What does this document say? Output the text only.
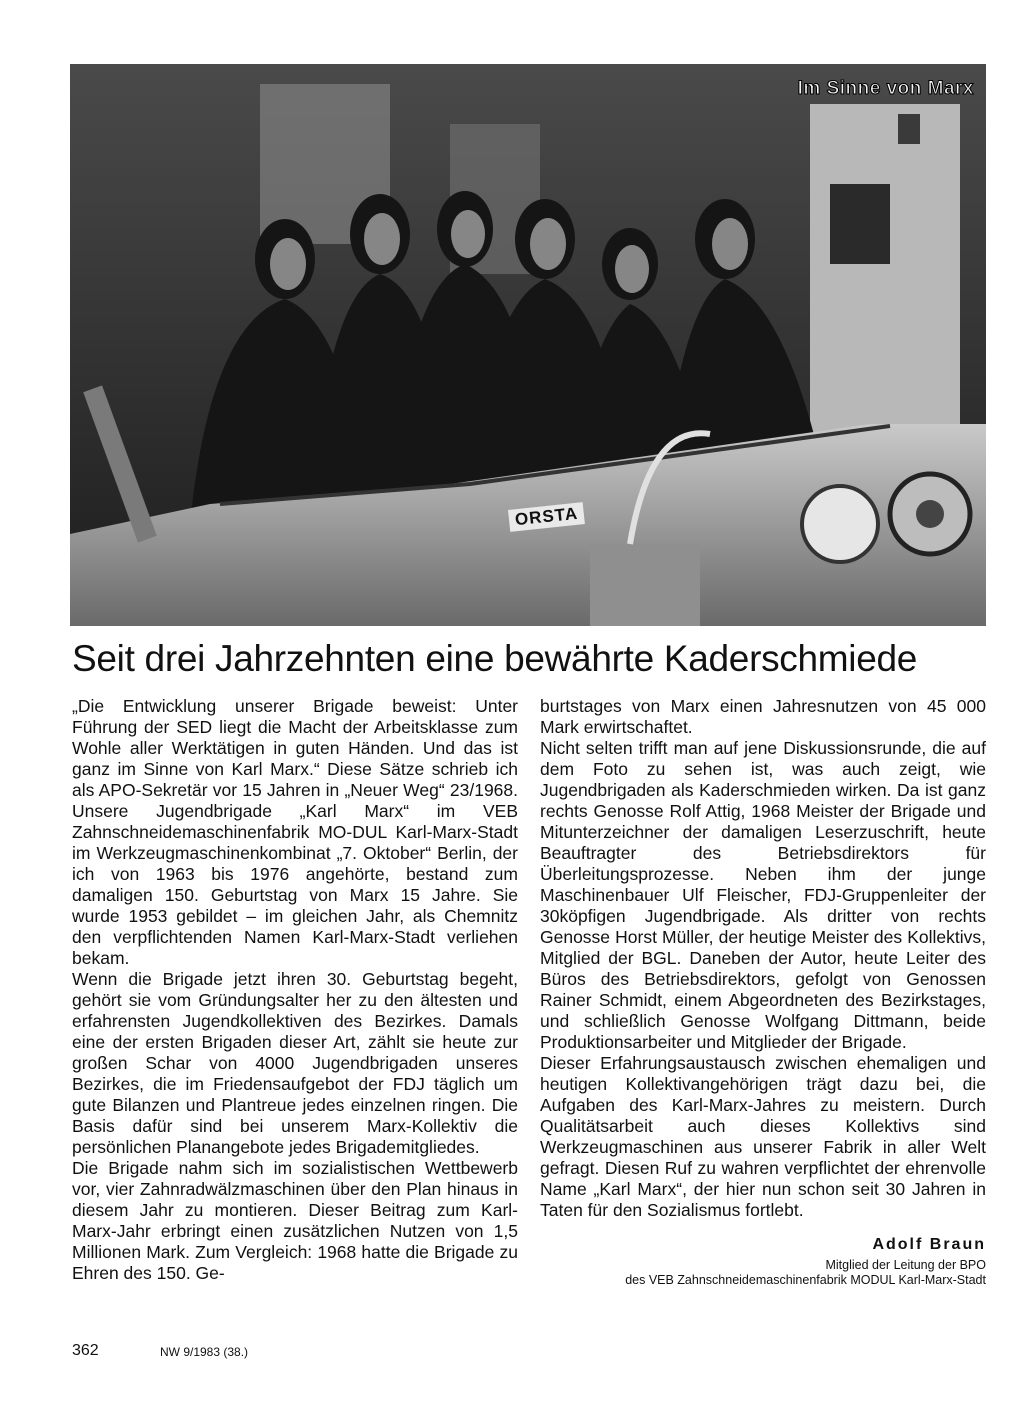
Im Sinne von Marx
ORSTA
Seit drei Jahrzehnten eine bewährte Kaderschmiede

„Die Entwicklung unserer Brigade beweist: Unter Führung der SED liegt die Macht der Arbeitsklasse zum Wohle aller Werktätigen in guten Händen. Und das ist ganz im Sinne von Karl Marx.“ Diese Sätze schrieb ich als APO-Sekretär vor 15 Jahren in „Neuer Weg“ 23/1968. Unsere Jugendbrigade „Karl Marx“ im VEB Zahnschneidemaschinenfabrik MO-DUL Karl-Marx-Stadt im Werkzeugmaschinenkombinat „7. Oktober“ Berlin, der ich von 1963 bis 1976 angehörte, bestand zum damaligen 150. Geburtstag von Marx 15 Jahre. Sie wurde 1953 gebildet – im gleichen Jahr, als Chemnitz den verpflichtenden Namen Karl-Marx-Stadt verliehen bekam.

Wenn die Brigade jetzt ihren 30. Geburtstag begeht, gehört sie vom Gründungsalter her zu den ältesten und erfahrensten Jugendkollektiven des Bezirkes. Damals eine der ersten Brigaden dieser Art, zählt sie heute zur großen Schar von 4000 Jugendbrigaden unseres Bezirkes, die im Friedensaufgebot der FDJ täglich um gute Bilanzen und Plantreue jedes einzelnen ringen. Die Basis dafür sind bei unserem Marx-Kollektiv die persönlichen Planangebote jedes Brigademitgliedes.

Die Brigade nahm sich im sozialistischen Wettbewerb vor, vier Zahnradwälzmaschinen über den Plan hinaus in diesem Jahr zu montieren. Dieser Beitrag zum Karl-Marx-Jahr erbringt einen zusätzlichen Nutzen von 1,5 Millionen Mark. Zum Vergleich: 1968 hatte die Brigade zu Ehren des 150. Ge-

burtstages von Marx einen Jahresnutzen von 45 000 Mark erwirtschaftet.

Nicht selten trifft man auf jene Diskussionsrunde, die auf dem Foto zu sehen ist, was auch zeigt, wie Jugendbrigaden als Kaderschmieden wirken. Da ist ganz rechts Genosse Rolf Attig, 1968 Meister der Brigade und Mitunterzeichner der damaligen Leserzuschrift, heute Beauftragter des Betriebsdirektors für Überleitungsprozesse. Neben ihm der junge Maschinenbauer Ulf Fleischer, FDJ-Gruppenleiter der 30köpfigen Jugendbrigade. Als dritter von rechts Genosse Horst Müller, der heutige Meister des Kollektivs, Mitglied der BGL. Daneben der Autor, heute Leiter des Büros des Betriebsdirektors, gefolgt von Genossen Rainer Schmidt, einem Abgeordneten des Bezirkstages, und schließlich Genosse Wolfgang Dittmann, beide Produktionsarbeiter und Mitglieder der Brigade.

Dieser Erfahrungsaustausch zwischen ehemaligen und heutigen Kollektivangehörigen trägt dazu bei, die Aufgaben des Karl-Marx-Jahres zu meistern. Durch Qualitätsarbeit auch dieses Kollektivs sind Werkzeugmaschinen aus unserer Fabrik in aller Welt gefragt. Diesen Ruf zu wahren verpflichtet der ehrenvolle Name „Karl Marx“, der hier nun schon seit 30 Jahren in Taten für den Sozialismus fortlebt.

Adolf Braun
Mitglied der Leitung der BPO
des VEB Zahnschneidemaschinenfabrik MODUL Karl-Marx-Stadt
362	NW 9/1983 (38.)
